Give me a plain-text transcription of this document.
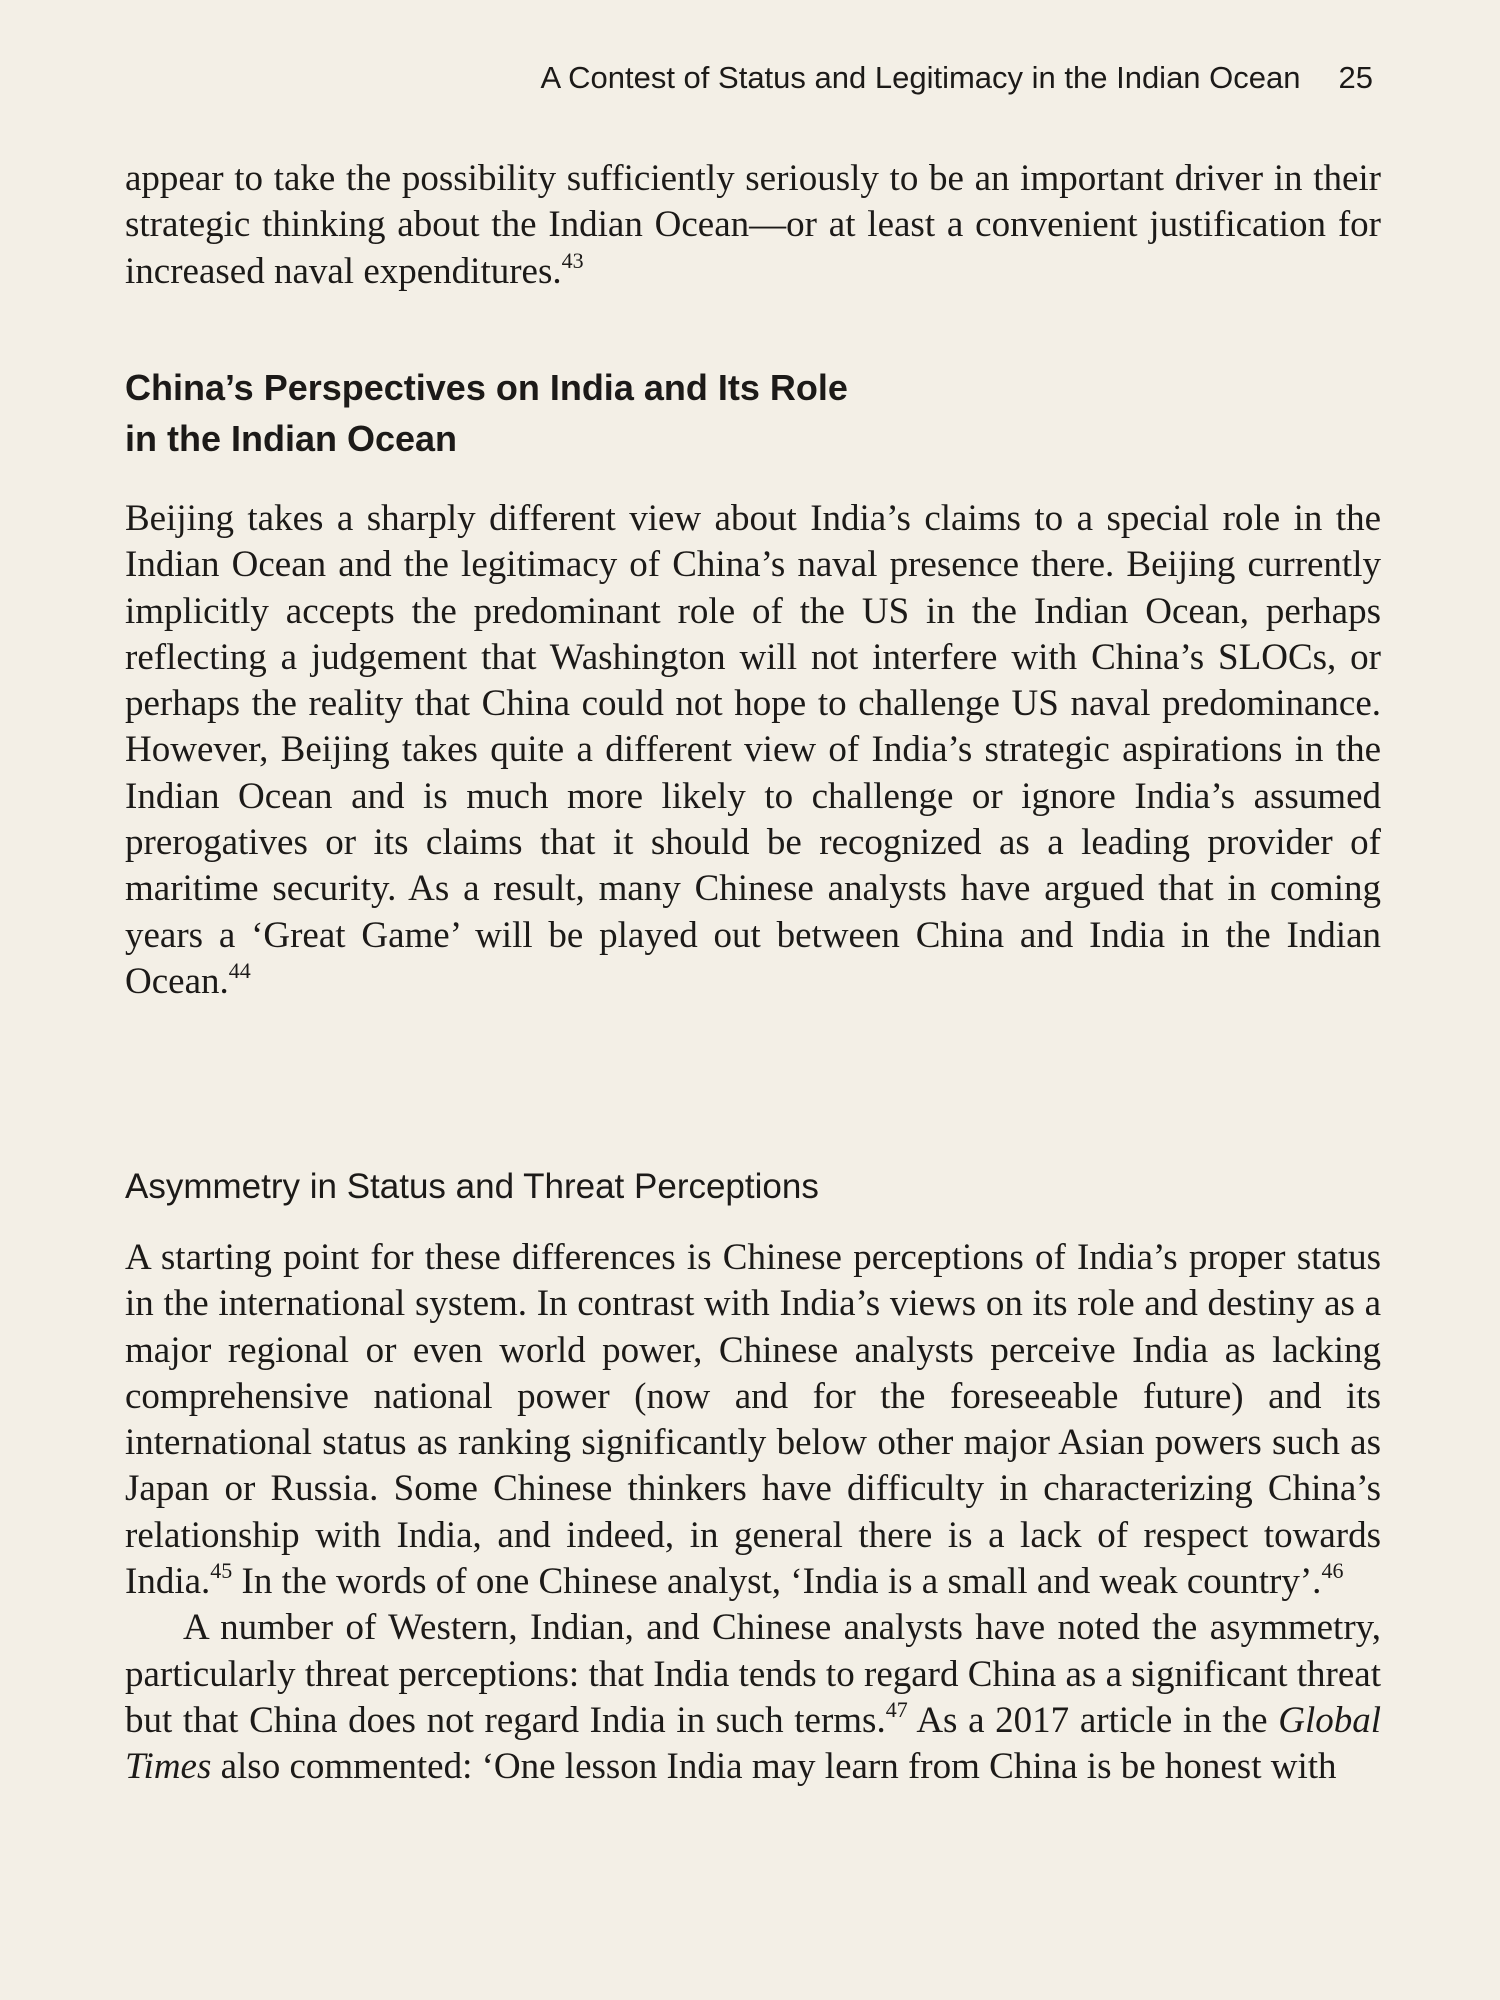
A Contest of Status and Legitimacy in the Indian Ocean 25

appear to take the possibility sufficiently seriously to be an important driver in their strategic thinking about the Indian Ocean—or at least a convenient justification for increased naval expenditures.$^{43}$

China’s Perspectives on India and Its Role
in the Indian Ocean

Beijing takes a sharply different view about India’s claims to a special role in the Indian Ocean and the legitimacy of China’s naval presence there. Beijing currently implicitly accepts the predominant role of the US in the Indian Ocean, perhaps reflecting a judgement that Washington will not interfere with China’s SLOCs, or perhaps the reality that China could not hope to challenge US naval predominance. However, Beijing takes quite a different view of India’s strategic aspirations in the Indian Ocean and is much more likely to challenge or ignore India’s assumed prerogatives or its claims that it should be recognized as a leading provider of maritime security. As a result, many Chinese analysts have argued that in coming years a ‘Great Game’ will be played out between China and India in the Indian Ocean.$^{44}$

Asymmetry in Status and Threat Perceptions

A starting point for these differences is Chinese perceptions of India’s proper status in the international system. In contrast with India’s views on its role and destiny as a major regional or even world power, Chinese analysts perceive India as lacking comprehensive national power (now and for the foreseeable future) and its international status as ranking significantly below other major Asian powers such as Japan or Russia. Some Chinese thinkers have difficulty in characterizing China’s relationship with India, and indeed, in general there is a lack of respect towards India.$^{45}$ In the words of one Chinese analyst, ‘India is a small and weak country’.$^{46}$

A number of Western, Indian, and Chinese analysts have noted the asymmetry, particularly threat perceptions: that India tends to regard China as a significant threat but that China does not regard India in such terms.$^{47}$ As a 2017 article in the Global Times also commented: ‘One lesson India may learn from China is be honest with
